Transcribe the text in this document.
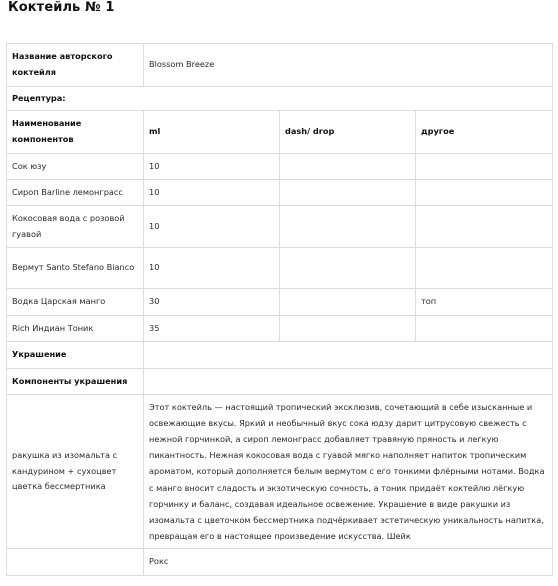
Коктейль № 1
Название авторского коктейля	Blossom Breeze		
Рецептура:			
Наименование компонентов	ml	dash/ drop	другое
Сок юзу	10		
Сироп Barline лемонграсс	10		
Кокосовая вода с розовой гуавой	10		
Вермут Santo Stefano Bianco	10		
Водка Царская манго	30		топ
Rich Индиан Тоник	35		
Украшение			
Компоненты украшения			
ракушка из изомальта с кандурином + сухоцвет цветка бессмертника	Этот коктейль — настоящий тропический эксклюзив, сочетающий в себе изысканные и освежающие вкусы. Яркий и необычный вкус сока юдзу дарит цитрусовую свежесть с нежной горчинкой, а сироп лемонграсс добавляет травяную пряность и легкую пикантность. Нежная кокосовая вода с гуавой мягко наполняет напиток тропическим ароматом, который дополняется белым вермутом с его тонкими флёрными нотами. Водка с манго вносит сладость и экзотическую сочность, а тоник придаёт коктейлю лёгкую горчинку и баланс, создавая идеальное освежение. Украшение в виде ракушки из изомальта с цветочком бессмертника подчёркивает эстетическую уникальность напитка, превращая его в настоящее произведение искусства. Шейк		
	Рокс		
